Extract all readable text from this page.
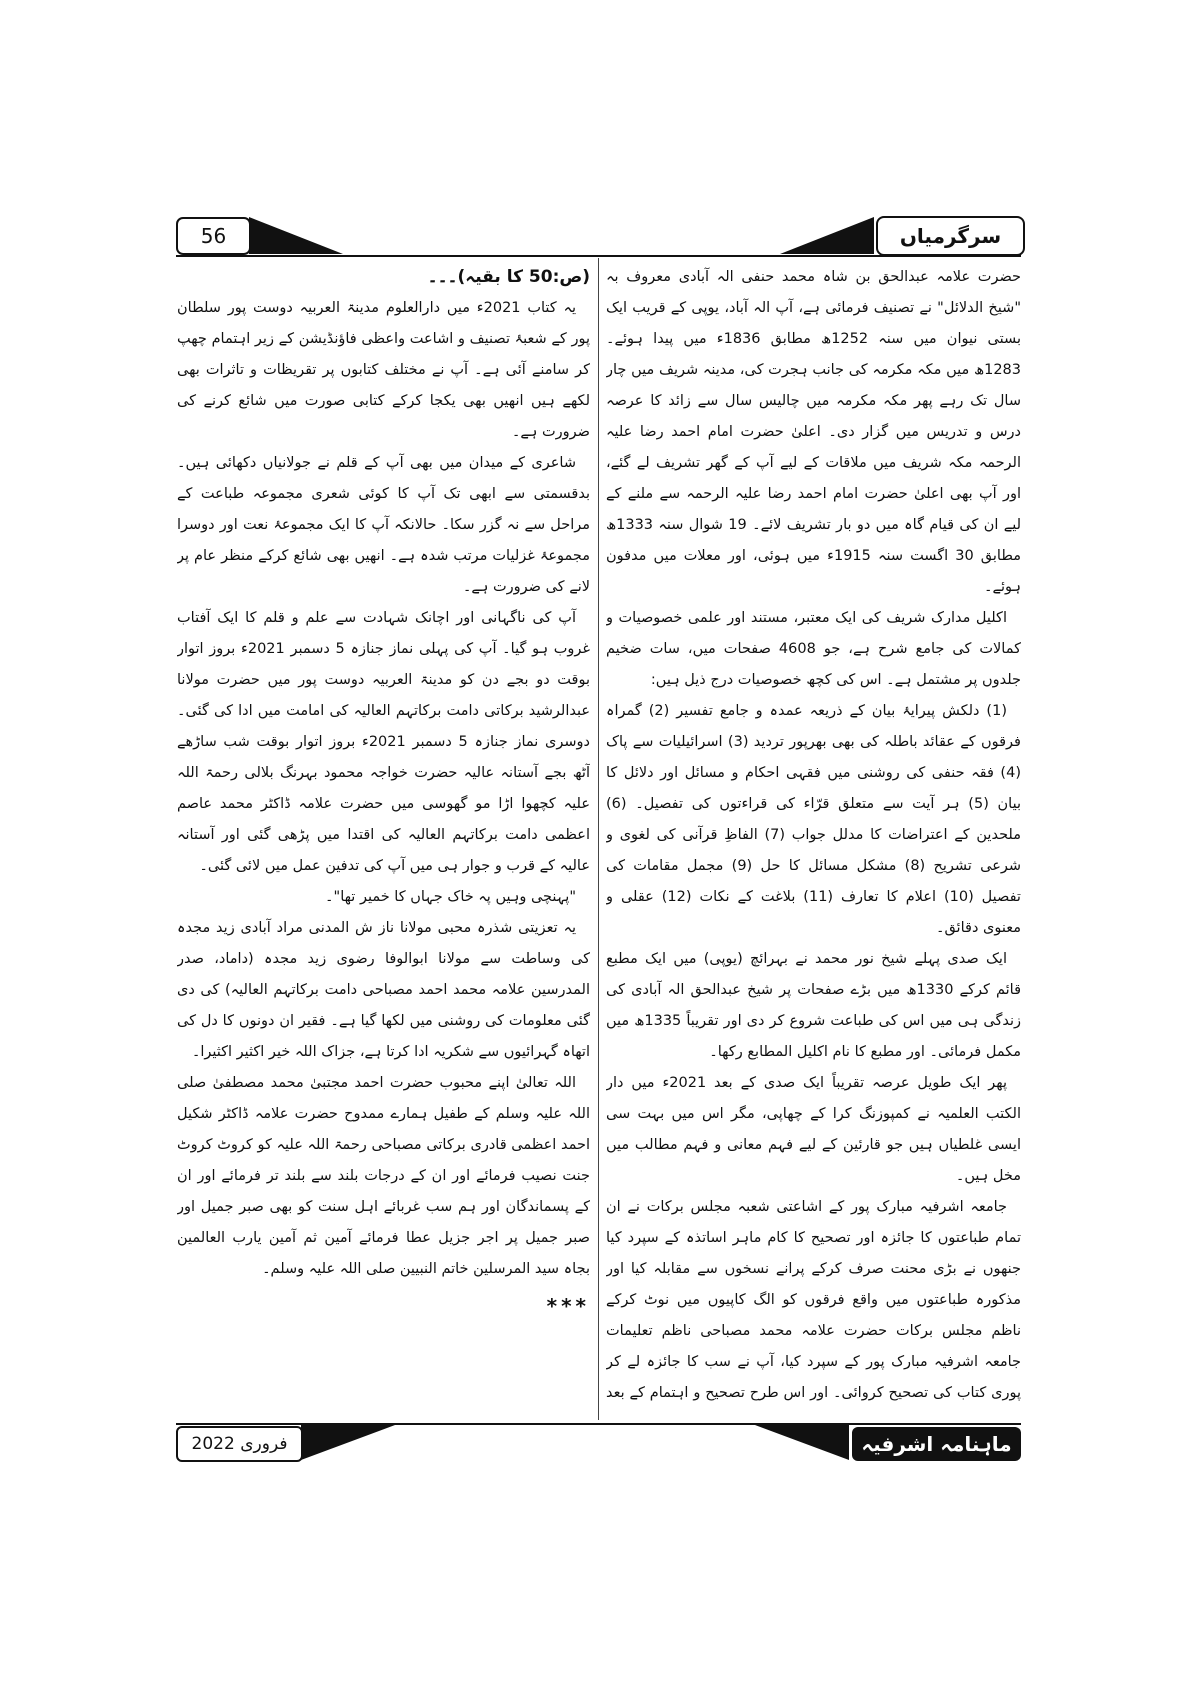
56	سرگرمیاں

حضرت علامہ عبدالحق بن شاہ محمد حنفی الہ آبادی معروف بہ "شیخ الدلائل" نے تصنیف فرمائی ہے، آپ الہ آباد، یوپی کے قریب ایک بستی نیوان میں سنہ 1252ھ مطابق 1836ء میں پیدا ہوئے۔ 1283ھ میں مکہ مکرمہ کی جانب ہجرت کی، مدینہ شریف میں چار سال تک رہے پھر مکہ مکرمہ میں چالیس سال سے زائد کا عرصہ درس و تدریس میں گزار دی۔ اعلیٰ حضرت امام احمد رضا علیہ الرحمہ مکہ شریف میں ملاقات کے لیے آپ کے گھر تشریف لے گئے، اور آپ بھی اعلیٰ حضرت امام احمد رضا علیہ الرحمہ سے ملنے کے لیے ان کی قیام گاہ میں دو بار تشریف لائے۔ 19 شوال سنہ 1333ھ مطابق 30 اگست سنہ 1915ء میں ہوئی، اور معلات میں مدفون ہوئے۔

اکلیل مدارک شریف کی ایک معتبر، مستند اور علمی خصوصیات و کمالات کی جامع شرح ہے، جو 4608 صفحات میں، سات ضخیم جلدوں پر مشتمل ہے۔ اس کی کچھ خصوصیات درج ذیل ہیں:

(1) دلکش پیرایۂ بیان کے ذریعہ عمدہ و جامع تفسیر (2) گمراہ فرقوں کے عقائد باطلہ کی بھی بھرپور تردید (3) اسرائیلیات سے پاک (4) فقہ حنفی کی روشنی میں فقہی احکام و مسائل اور دلائل کا بیان (5) ہر آیت سے متعلق قرّاء کی قراءتوں کی تفصیل۔ (6) ملحدین کے اعتراضات کا مدلل جواب (7) الفاظِ قرآنی کی لغوی و شرعی تشریح (8) مشکل مسائل کا حل (9) مجمل مقامات کی تفصیل (10) اعلام کا تعارف (11) بلاغت کے نکات (12) عقلی و معنوی دقائق۔

ایک صدی پہلے شیخ نور محمد نے بہرائچ (یوپی) میں ایک مطبع قائم کرکے 1330ھ میں بڑے صفحات پر شیخ عبدالحق الہ آبادی کی زندگی ہی میں اس کی طباعت شروع کر دی اور تقریباً 1335ھ میں مکمل فرمائی۔ اور مطبع کا نام اکلیل المطابع رکھا۔

پھر ایک طویل عرصہ تقریباً ایک صدی کے بعد 2021ء میں دار الکتب العلمیہ نے کمپوزنگ کرا کے چھاپی، مگر اس میں بہت سی ایسی غلطیاں ہیں جو قارئین کے لیے فہم معانی و فہم مطالب میں مخل ہیں۔

جامعہ اشرفیہ مبارک پور کے اشاعتی شعبہ مجلس برکات نے ان تمام طباعتوں کا جائزہ اور تصحیح کا کام ماہر اساتذہ کے سپرد کیا جنھوں نے بڑی محنت صرف کرکے پرانے نسخوں سے مقابلہ کیا اور مذکورہ طباعتوں میں واقع فرقوں کو الگ کاپیوں میں نوٹ کرکے ناظم مجلس برکات حضرت علامہ محمد مصباحی ناظم تعلیمات جامعہ اشرفیہ مبارک پور کے سپرد کیا، آپ نے سب کا جائزہ لے کر پوری کتاب کی تصحیح کروائی۔ اور اس طرح تصحیح و اہتمام کے بعد

(ص:50 کا بقیہ)۔۔۔

یہ کتاب 2021ء میں دارالعلوم مدینۃ العربیہ دوست پور سلطان پور کے شعبۂ تصنیف و اشاعت واعظی فاؤنڈیشن کے زیر اہتمام چھپ کر سامنے آئی ہے۔ آپ نے مختلف کتابوں پر تقریظات و تاثرات بھی لکھے ہیں انھیں بھی یکجا کرکے کتابی صورت میں شائع کرنے کی ضرورت ہے۔

شاعری کے میدان میں بھی آپ کے قلم نے جولانیاں دکھائی ہیں۔ بدقسمتی سے ابھی تک آپ کا کوئی شعری مجموعہ طباعت کے مراحل سے نہ گزر سکا۔ حالانکہ آپ کا ایک مجموعۂ نعت اور دوسرا مجموعۂ غزلیات مرتب شدہ ہے۔ انھیں بھی شائع کرکے منظر عام پر لانے کی ضرورت ہے۔

آپ کی ناگہانی اور اچانک شہادت سے علم و قلم کا ایک آفتاب غروب ہو گیا۔ آپ کی پہلی نماز جنازہ 5 دسمبر 2021ء بروز اتوار بوقت دو بجے دن کو مدینۃ العربیہ دوست پور میں حضرت مولانا عبدالرشید برکاتی دامت برکاتہم العالیہ کی امامت میں ادا کی گئی۔ دوسری نماز جنازہ 5 دسمبر 2021ء بروز اتوار بوقت شب ساڑھے آٹھ بجے آستانہ عالیہ حضرت خواجہ محمود بہرنگ بلالی رحمۃ اللہ علیہ کچھوا اڑا مو گھوسی میں حضرت علامہ ڈاکٹر محمد عاصم اعظمی دامت برکاتہم العالیہ کی اقتدا میں پڑھی گئی اور آستانہ عالیہ کے قرب و جوار ہی میں آپ کی تدفین عمل میں لائی گئی۔

"پہنچی وہیں پہ خاک جہاں کا خمیر تھا"۔

یہ تعزیتی شذرہ محبی مولانا ناز ش المدنی مراد آبادی زید مجدہ کی وساطت سے مولانا ابوالوفا رضوی زید مجدہ (داماد، صدر المدرسین علامہ محمد احمد مصباحی دامت برکاتہم العالیہ) کی دی گئی معلومات کی روشنی میں لکھا گیا ہے۔ فقیر ان دونوں کا دل کی اتھاہ گہرائیوں سے شکریہ ادا کرتا ہے، جزاک اللہ خیر اکثیر اکثیرا۔

اللہ تعالیٰ اپنے محبوب حضرت احمد مجتبیٰ محمد مصطفیٰ صلی اللہ علیہ وسلم کے طفیل ہمارے ممدوح حضرت علامہ ڈاکٹر شکیل احمد اعظمی قادری برکاتی مصباحی رحمۃ اللہ علیہ کو کروٹ کروٹ جنت نصیب فرمائے اور ان کے درجات بلند سے بلند تر فرمائے اور ان کے پسماندگان اور ہم سب غربائے اہل سنت کو بھی صبر جمیل اور صبر جمیل پر اجر جزیل عطا فرمائے آمین ثم آمین یارب العالمین بجاہ سید المرسلین خاتم النبیین صلی اللہ علیہ وسلم۔

***
فروری 2022	ماہنامہ اشرفیہ
